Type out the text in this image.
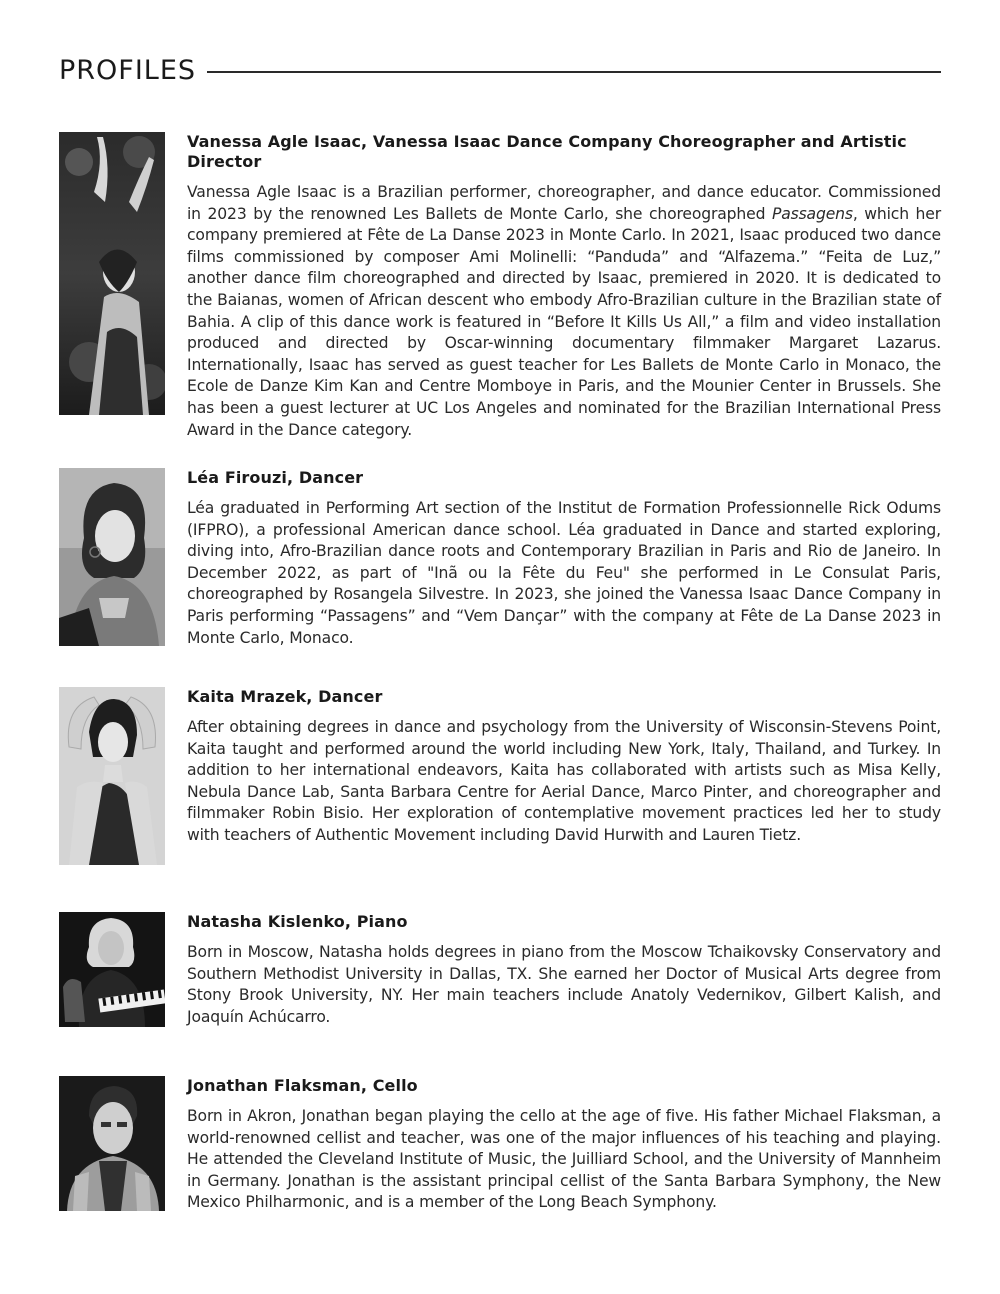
PROFILES

Vanessa Agle Isaac, Vanessa Isaac Dance Company Choreographer and Artistic Director

Vanessa Agle Isaac is a Brazilian performer, choreographer, and dance educator. Commissioned in 2023 by the renowned Les Ballets de Monte Carlo, she choreographed Passagens, which her company premiered at Fête de La Danse 2023 in Monte Carlo. In 2021, Isaac produced two dance films commissioned by composer Ami Molinelli: “Panduda” and “Alfazema.” “Feita de Luz,” another dance film choreographed and directed by Isaac, premiered in 2020. It is dedicated to the Baianas, women of African descent who embody Afro-Brazilian culture in the Brazilian state of Bahia. A clip of this dance work is featured in “Before It Kills Us All,” a film and video installation produced and directed by Oscar-winning documentary filmmaker Margaret Lazarus. Internationally, Isaac has served as guest teacher for Les Ballets de Monte Carlo in Monaco, the Ecole de Danze Kim Kan and Centre Momboye in Paris, and the Mounier Center in Brussels. She has been a guest lecturer at UC Los Angeles and nominated for the Brazilian International Press Award in the Dance category.

Léa Firouzi, Dancer

Léa graduated in Performing Art section of the Institut de Formation Professionnelle Rick Odums (IFPRO), a professional American dance school. Léa graduated in Dance and started exploring, diving into, Afro-Brazilian dance roots and Contemporary Brazilian in Paris and Rio de Janeiro. In December 2022, as part of "Inã ou la Fête du Feu" she performed in Le Consulat Paris, choreographed by Rosangela Silvestre. In 2023, she joined the Vanessa Isaac Dance Company in Paris performing “Passagens” and “Vem Dançar” with the company at Fête de La Danse 2023 in Monte Carlo, Monaco.

Kaita Mrazek, Dancer

After obtaining degrees in dance and psychology from the University of Wisconsin-Stevens Point, Kaita taught and performed around the world including New York, Italy, Thailand, and Turkey. In addition to her international endeavors, Kaita has collaborated with artists such as Misa Kelly, Nebula Dance Lab, Santa Barbara Centre for Aerial Dance, Marco Pinter, and choreographer and filmmaker Robin Bisio. Her exploration of contemplative movement practices led her to study with teachers of Authentic Movement including David Hurwith and Lauren Tietz.

Natasha Kislenko, Piano

Born in Moscow, Natasha holds degrees in piano from the Moscow Tchaikovsky Conservatory and Southern Methodist University in Dallas, TX. She earned her Doctor of Musical Arts degree from Stony Brook University, NY. Her main teachers include Anatoly Vedernikov, Gilbert Kalish, and Joaquín Achúcarro.

Jonathan Flaksman, Cello

Born in Akron, Jonathan began playing the cello at the age of five. His father Michael Flaksman, a world-renowned cellist and teacher, was one of the major influences of his teaching and playing. He attended the Cleveland Institute of Music, the Juilliard School, and the University of Mannheim in Germany. Jonathan is the assistant principal cellist of the Santa Barbara Symphony, the New Mexico Philharmonic, and is a member of the Long Beach Symphony.
